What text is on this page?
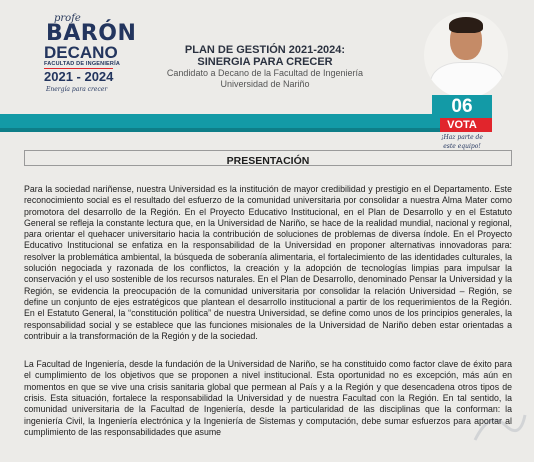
profe
BARÓN
DECANO
FACULTAD DE INGENIERÍA
2021 - 2024
Energía para crecer
PLAN DE GESTIÓN 2021-2024:
SINERGIA PARA CRECER
Candidato a Decano de la Facultad de Ingeniería
Universidad de Nariño
06
VOTA
¡Haz parte de
este equipo!
PRESENTACIÓN

Para la sociedad nariñense, nuestra Universidad es la institución de mayor credibilidad y prestigio en el Departamento. Este reconocimiento social es el resultado del esfuerzo de la comunidad universitaria por consolidar a nuestra Alma Mater como promotora del desarrollo de la Región. En el Proyecto Educativo Institucional, en el Plan de Desarrollo y en el Estatuto General se refleja la constante lectura que, en la Universidad de Nariño, se hace de la realidad mundial, nacional y regional, para orientar el quehacer universitario hacia la contribución de soluciones de problemas de diversa índole. En el Proyecto Educativo Institucional se enfatiza en la responsabilidad de la Universidad en proponer alternativas innovadoras para: resolver la problemática ambiental, la búsqueda de soberanía alimentaria, el fortalecimiento de las identidades culturales, la solución negociada y razonada de los conflictos, la creación y la adopción de tecnologías limpias para impulsar la conservación y el uso sostenible de los recursos naturales. En el Plan de Desarrollo, denominado Pensar la Universidad y la Región, se evidencia la preocupación de la comunidad universitaria por consolidar la relación Universidad – Región, se define un conjunto de ejes estratégicos que plantean el desarrollo institucional a partir de los requerimientos de la Región. En el Estatuto General, la “constitución política” de nuestra Universidad, se define como unos de los principios generales, la responsabilidad social y se establece que las funciones misionales de la Universidad de Nariño deben estar orientadas a contribuir a la transformación de la Región y de la sociedad.

La Facultad de Ingeniería, desde la fundación de la Universidad de Nariño, se ha constituido como factor clave de éxito para el cumplimiento de los objetivos que se proponen a nivel institucional. Esta oportunidad no es excepción, más aún en momentos en que se vive una crisis sanitaria global que permean al País y a la Región y que desencadena otros tipos de crisis. Esta situación, fortalece la responsabilidad la Universidad y de nuestra Facultad con la Región. En tal sentido, la comunidad universitaria de la Facultad de Ingeniería, desde la particularidad de las disciplinas que la conforman: la ingeniería Civil, la Ingeniería electrónica y la Ingeniería de Sistemas y computación, debe sumar esfuerzos para aportar al cumplimiento de las responsabilidades que asume
